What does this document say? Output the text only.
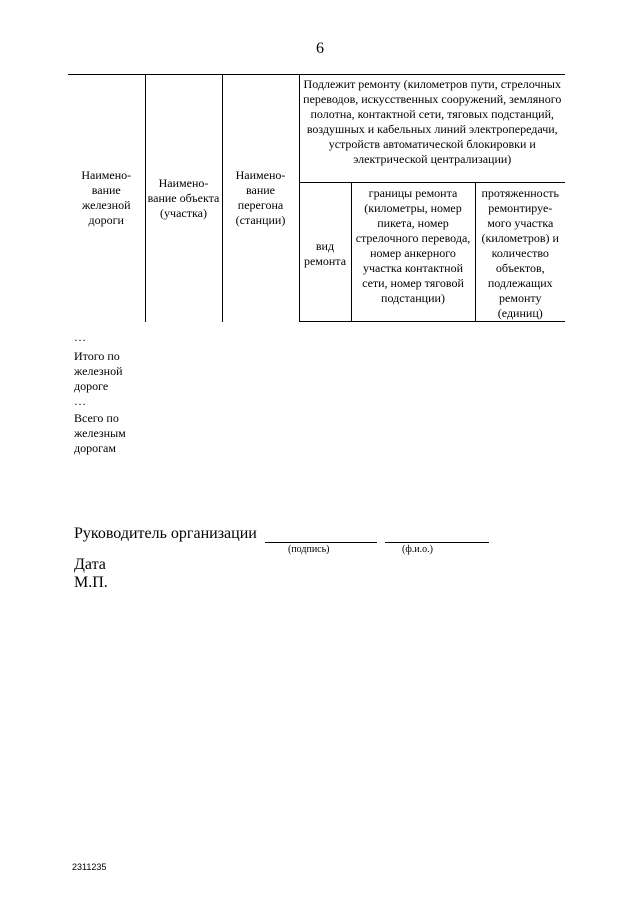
6
Наимено-вание железной дороги	Наимено-вание объекта (участка)	Наимено-вание перегона (станции)	Подлежит ремонту (километров пути, стрелочных переводов, искусственных сооружений, земляного полотна, контактной сети, тяговых подстанций, воздушных и кабельных линий электропередачи, устройств автоматической блокировки и электрической централизации)		
			вид ремонта	границы ремонта (километры, номер пикета, номер стрелочного перевода, номер анкерного участка контактной сети, номер тяговой подстанции)	протяженность ремонтируе-мого участка (километров) и количество объектов, подлежащих ремонту (единиц)
…
Итого по железной дороге
…
Всего по железным дорогам
Руководитель организации
(подпись)	(ф.и.о.)
Дата
М.П.
2311235
